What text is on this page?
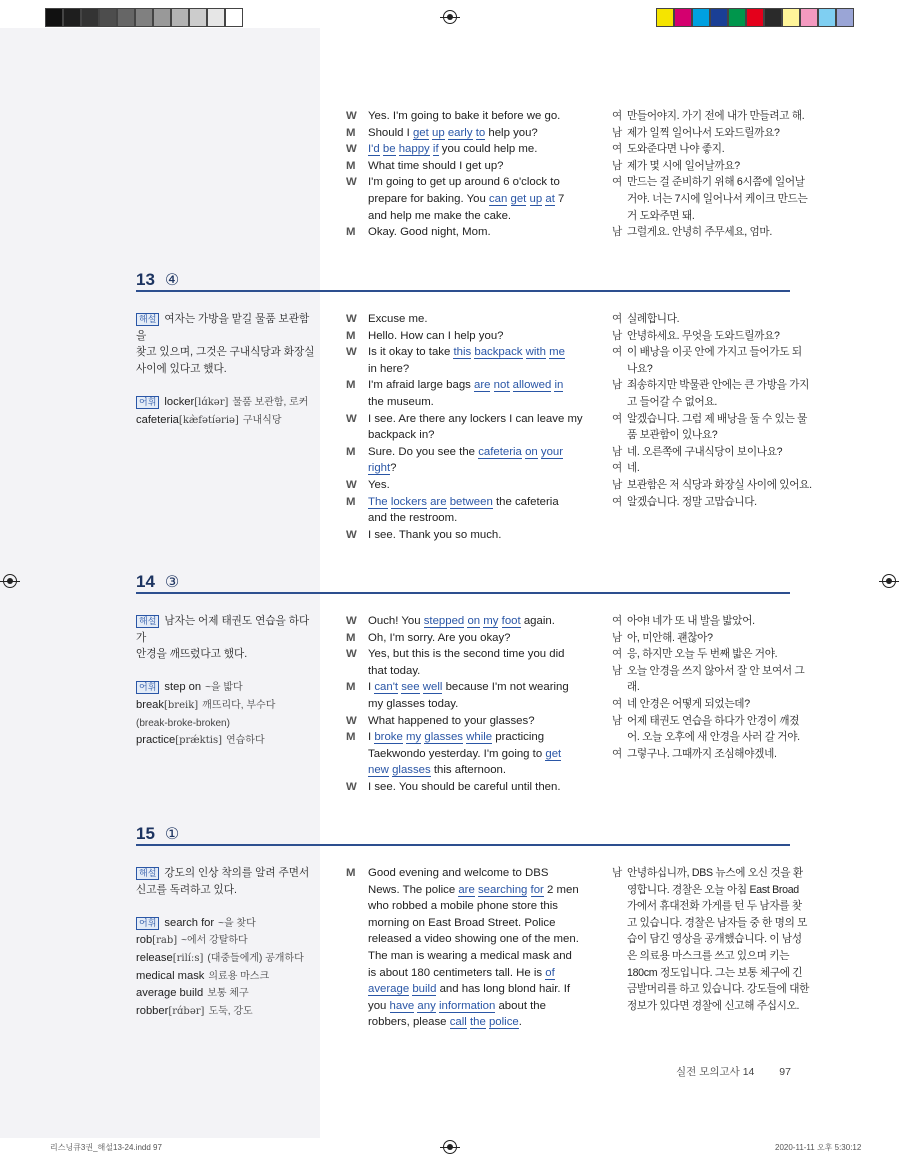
W Yes. I'm going to bake it before we go.
M	Should I get up early to help you?
W I'd be happy if you could help me.
M	What time should I get up?
W I'm going to get up around 6 o'clock to
prepare for baking. You can get up at 7
and help me make the cake.
M	Okay. Good night, Mom.
여 만들어야지. 가기 전에 내가 만들려고 해.
남 제가 일찍 일어나서 도와드릴까요?
여 도와준다면 나야 좋지.
남 제가 몇 시에 일어날까요?
여 만드는 걸 준비하기 위해 6시쯤에 일어날
거야. 너는 7시에 일어나서 케이크 만드는
거 도와주면 돼.
남 그럴게요. 안녕히 주무세요, 엄마.
13 ④
W Excuse me.
M	Hello. How can I help you?
W Is it okay to take this backpack with me
in here?
M	I'm afraid large bags are not allowed in
the museum.
W I see. Are there any lockers I can leave my
backpack in?
M	Sure. Do you see the cafeteria on your
right?
W Yes.
M	The lockers are between the cafeteria
and the restroom.
W I see. Thank you so much.
여 실례합니다.
남 안녕하세요. 무엇을 도와드릴까요?
여 이 배낭을 이곳 안에 가지고 들어가도 되
나요?
남 죄송하지만 박물관 안에는 큰 가방을 가지
고 들어갈 수 없어요.
여 알겠습니다. 그럼 제 배낭을 둘 수 있는 물
품 보관함이 있나요?
남 네. 오른쪽에 구내식당이 보이나요?
여 네.
남 보관함은 저 식당과 화장실 사이에 있어요.
여 알겠습니다. 정말 고맙습니다.
해설 여자는 가방을 맡길 물품 보관함을
찾고 있으며, 그것은 구내식당과 화장실
사이에 있다고 했다.

어휘 locker[lɑ́kər] 물품 보관함, 로커
cafeteria[kæ̀fətíəriə] 구내식당
14 ③
W Ouch! You stepped on my foot again.
M	Oh, I'm sorry. Are you okay?
W Yes, but this is the second time you did
that today.
M	I can't see well because I'm not wearing
my glasses today.
W What happened to your glasses?
M	I broke my glasses while practicing
Taekwondo yesterday. I'm going to get
new glasses this afternoon.
W I see. You should be careful until then.
여 아야! 네가 또 내 발을 밟았어.
남 아, 미안해. 괜찮아?
여 응, 하지만 오늘 두 번째 밟은 거야.
남 오늘 안경을 쓰지 않아서 잘 안 보여서 그
래.
여 네 안경은 어떻게 되었는데?
남 어제 태권도 연습을 하다가 안경이 깨졌
어. 오늘 오후에 새 안경을 사러 갈 거야.
여 그렇구나. 그때까지 조심해야겠네.
해설 남자는 어제 태권도 연습을 하다가
안경을 깨뜨렸다고 했다.

어휘 step on ~을 밟다
break[breik] 깨뜨리다, 부수다
(break-broke-broken)
practice[prǽktis] 연습하다
15 ①
M	Good evening and welcome to DBS
News. The police are searching for 2 men
who robbed a mobile phone store this
morning on East Broad Street. Police
released a video showing one of the men.
The man is wearing a medical mask and
is about 180 centimeters tall. He is of
average build and has long blond hair. If
you have any information about the
robbers, please call the police.
남 안녕하십니까, DBS 뉴스에 오신 것을 환
영합니다. 경찰은 오늘 아침 East Broad
가에서 휴대전화 가게를 턴 두 남자를 찾
고 있습니다. 경찰은 남자들 중 한 명의 모
습이 담긴 영상을 공개했습니다. 이 남성
은 의료용 마스크를 쓰고 있으며 키는
180cm 정도입니다. 그는 보통 체구에 긴
금발머리를 하고 있습니다. 강도들에 대한
정보가 있다면 경찰에 신고해 주십시오.
해설 강도의 인상 착의를 알려 주면서
신고를 독려하고 있다.

어휘 search for ~을 찾다
rob[rab] ~에서 강탈하다
release[rilíːs] (대중들에게) 공개하다
medical mask 의료용 마스크
average build 보통 체구
robber[rɑ́bər] 도둑, 강도
실전 모의고사 14 97
리스닝큐3권_해설13-24.indd 97	2020-11-11 오후 5:30:12
